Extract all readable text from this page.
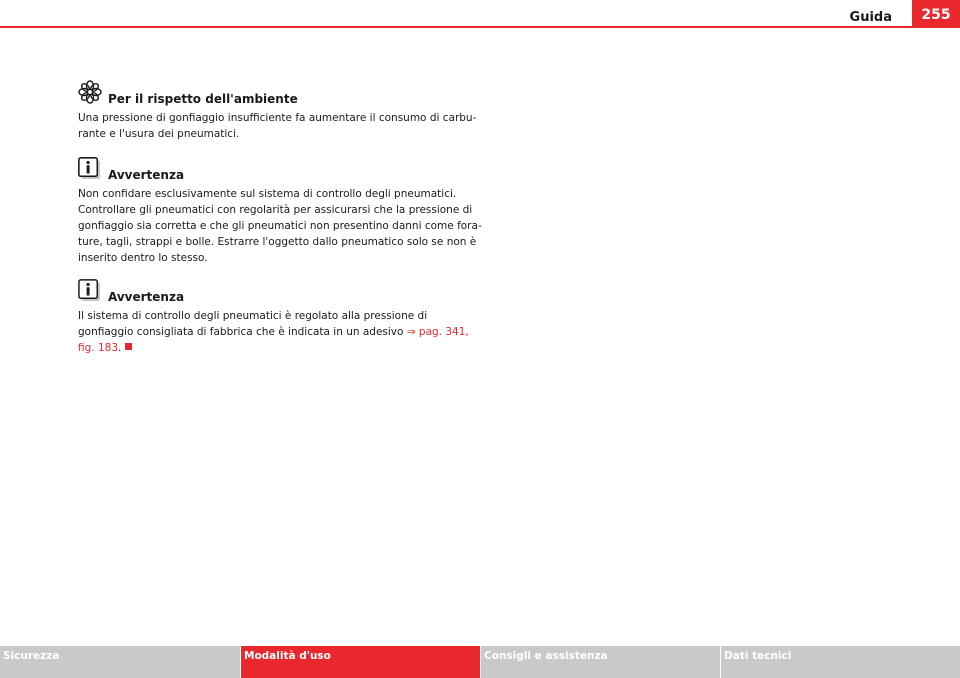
Guida	255
Per il rispetto dell'ambiente

Una pressione di gonfiaggio insufficiente fa aumentare il consumo di carbu-

rante e l'usura dei pneumatici.

Avvertenza

Non confidare esclusivamente sul sistema di controllo degli pneumatici.

Controllare gli pneumatici con regolarità per assicurarsi che la pressione di

gonfiaggio sia corretta e che gli pneumatici non presentino danni come fora-

ture, tagli, strappi e bolle. Estrarre l'oggetto dallo pneumatico solo se non è

inserito dentro lo stesso.

Avvertenza

Il sistema di controllo degli pneumatici è regolato alla pressione di

gonfiaggio consigliata di fabbrica che è indicata in un adesivo ⇒ pag. 341,

fig. 183.

Sicurezza	Modalità d'uso	Consigli e assistenza	Dati tecnici
